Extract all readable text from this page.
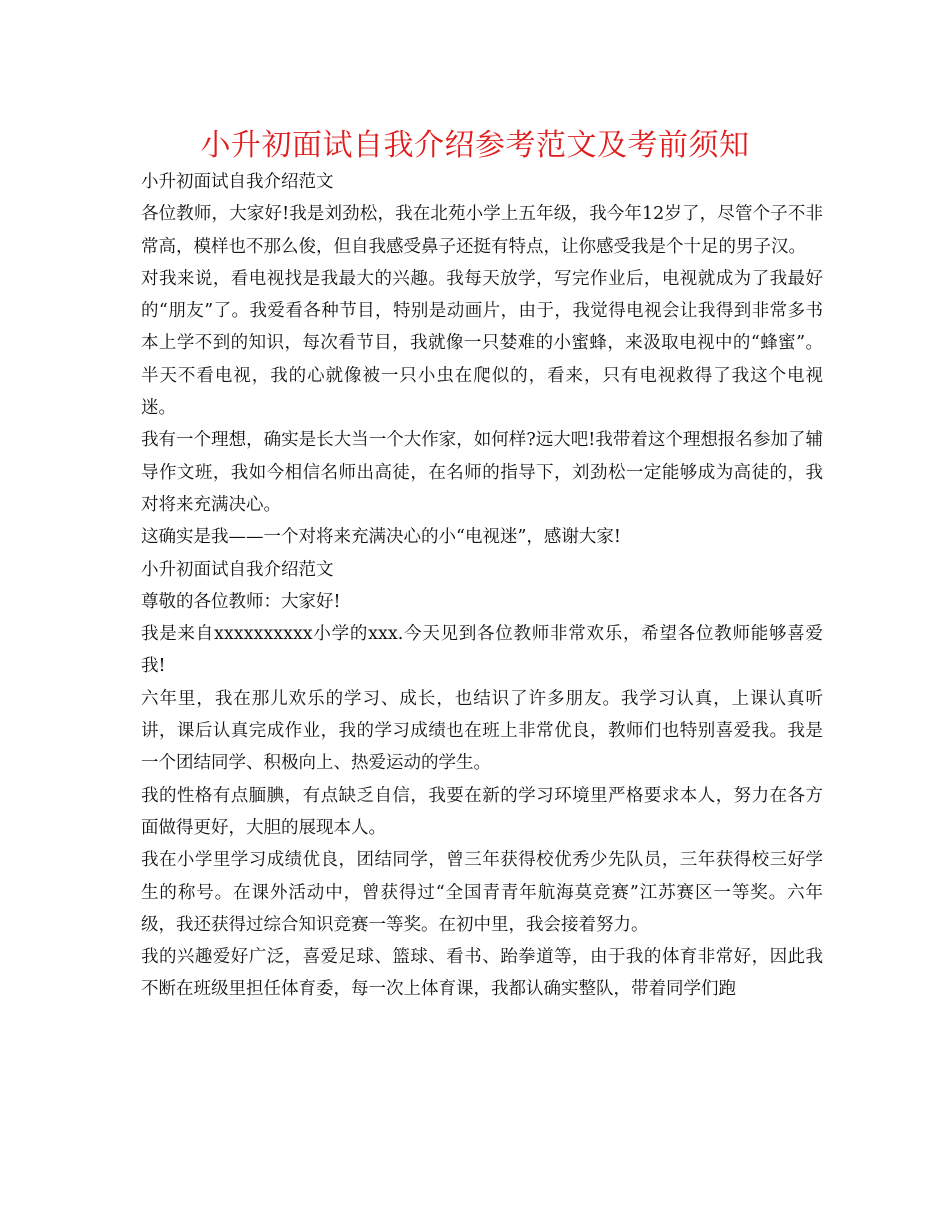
小升初面试自我介绍参考范文及考前须知

小升初面试自我介绍范文

各位教师，大家好!我是刘劲松，我在北苑小学上五年级，我今年12岁了，尽管个子不非常高，模样也不那么俊，但自我感受鼻子还挺有特点，让你感受我是个十足的男子汉。

对我来说，看电视找是我最大的兴趣。我每天放学，写完作业后，电视就成为了我最好的“朋友”了。我爱看各种节目，特别是动画片，由于，我觉得电视会让我得到非常多书本上学不到的知识，每次看节目，我就像一只婪难的小蜜蜂，来汲取电视中的“蜂蜜”。半天不看电视，我的心就像被一只小虫在爬似的，看来，只有电视救得了我这个电视迷。

我有一个理想，确实是长大当一个大作家，如何样?远大吧!我带着这个理想报名参加了辅导作文班，我如今相信名师出高徒，在名师的指导下，刘劲松一定能够成为高徒的，我对将来充满决心。

这确实是我——一个对将来充满决心的小“电视迷”，感谢大家!

小升初面试自我介绍范文

尊敬的各位教师：大家好!

我是来自xxxxxxxxxx小学的xxx.今天见到各位教师非常欢乐，希望各位教师能够喜爱我!

六年里，我在那儿欢乐的学习、成长，也结识了许多朋友。我学习认真，上课认真听讲，课后认真完成作业，我的学习成绩也在班上非常优良，教师们也特别喜爱我。我是一个团结同学、积极向上、热爱运动的学生。

我的性格有点腼腆，有点缺乏自信，我要在新的学习环境里严格要求本人，努力在各方面做得更好，大胆的展现本人。

我在小学里学习成绩优良，团结同学，曾三年获得校优秀少先队员，三年获得校三好学生的称号。在课外活动中，曾获得过“全国青青年航海莫竞赛”江苏赛区一等奖。六年级，我还获得过综合知识竞赛一等奖。在初中里，我会接着努力。

我的兴趣爱好广泛，喜爱足球、篮球、看书、跆拳道等，由于我的体育非常好，因此我不断在班级里担任体育委，每一次上体育课，我都认确实整队，带着同学们跑
